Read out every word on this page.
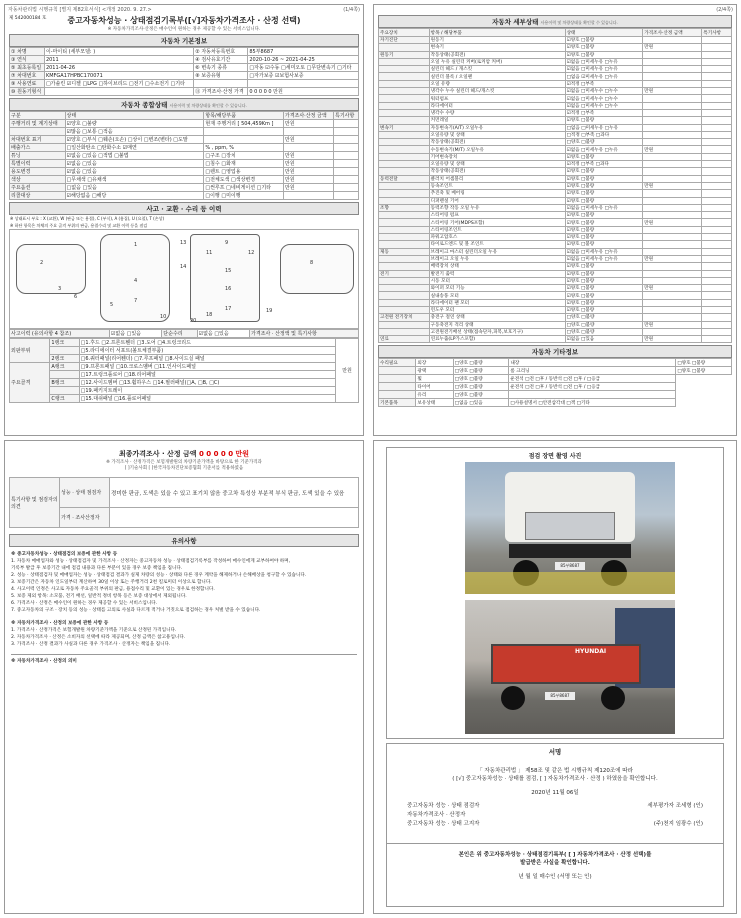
자동차관리법 시행규칙 [별지 제82호서식] <개정 2020. 9. 27.>	(1/4쪽)
제 542000184 호	중고자동차성능 · 상태점검기록부([√]자동차가격조사 · 산정 선택)
※ 자동차가격조사·산정은 매수인이 원하는 경우 제공할 수 있는 서비스입니다.
자동차 기본정보
① 차명	이-마이티 (세부모델: )	② 자동차등록번호	85부8687
③ 연식	2011	④ 검사유효기간	2020-10-26 ~ 2021-04-25
⑤ 최초등록일	2011-04-26	⑥ 변속기 종류	□자동 ☑수동 □세미오토 □무단변속기 □기타
⑦ 차대번호	KMFGA17HPBC170071	⑧ 보증유형	□자가보증 ☑보험사보증
⑨ 사용연료	□가솔린 ☑디젤 □LPG □하이브리드 □전기 □수소전기 □기타		
⑩ 원동기형식		⑪ 가격조사·산정 가격	0 0 0 0 0 만원
자동차 종합상태 사용이력 및 차량상태를 확인할 수 있습니다.
구분	상태	항목/해당부품	가격조사·산정 금액	특기사항
주행거리 및 계기상태	☑양호 □불량	현재 주행거리 [ 504,459Km ]	만원	
	☑많음 □보통 □적음			
차대번호 표기	☑양호 □부식 □훼손(오손) □상이 □변조(변타) □도말		만원	
배출가스	□일산화탄소 □탄화수소 ☑매연	% , ppm, %		
튜닝	☑없음 □있음 □적법 □불법	□구조 □장치	만원	
특별이력	☑없음 □있음	□침수 □화재	만원	
용도변경	☑없음 □있음	□렌트 □영업용	만원	
색상	□무채색 □유채색	□전체도색 □색상변경	만원	
주요옵션	□없음 □있음	□썬루프 □네비게이션 □기타	만원	
리콜대상	☑해당없음 □해당	□이행 □미이행		
사고 · 교환 · 수리 등 이력
※ 상태표시 부호 : X (교환), W (판금 또는 용접), C (부식), A (흠집), U (요철), T (손상)
※ 하단 항목은 차체의 주요 골격 부위의 판금, 용접수리 및 교환 이력 등을 점검
1
2
3
4
5
6
7
8
9
10
11	12
13
14
15
16
17
18
19
20
사고이력 (유의사항 4 참조)	☑없음 □있음	단순수리	☑없음 □있음	가격조사 · 산정액 및 특기사항
외판부위	1랭크	□1.후드 □2.프론트휀더 □3.도어 □4.트렁크리드	만원
		□5.라디에이터 서포트(볼트체결부품)	
	2랭크	□6.쿼터패널(리어휀더) □7.루프패널 □8.사이드실 패널	
주요골격	A랭크	□9.프론트패널 □10.크로스멤버 □11.인사이드패널	
		□17.트렁크플로어 □18.리어패널	
	B랭크	□12.사이드멤버 □13.휠하우스 □14.필러패널(□A, □B, □C)	
		□19.패키지트레이	
	C랭크	□15.대쉬패널 □16.플로어패널	
(2/4쪽)
자동차 세부상태 사용이력 및 차량상태를 확인할 수 있습니다.
주요장치	항목 / 해당부품	상태	가격조사·산정 금액	특기사항
자기진단	원동기	☑양호 □불량		
	변속기	☑양호 □불량	만원	
원동기	작동상태(공회전)	☑양호 □불량		
	오일 누유 실린더 커버(로커암 커버)	☑없음 □미세누유 □누유		
	실린더 헤드 / 개스킷	☑없음 □미세누유 □누유		
	실린더 블록 / 오일팬	□없음 ☑미세누유 □누유		
	오일 유량	☑적정 □부족		
	냉각수 누수 실린더 헤드/개스킷	☑없음 □미세누수 □누수	만원	
	워터펌프	☑없음 □미세누수 □누수		
	라디에이터	☑없음 □미세누수 □누수		
	냉각수 수량	☑적정 □부족		
	커먼레일	☑양호 □불량		
변속기	자동변속기(A/T) 오일누유	□없음 □미세누유 □누유		
	오일유량 및 상태	□적정 □부족 □과다		
	작동상태(공회전)	□양호 □불량		
	수동변속기(M/T) 오일누유	☑없음 □미세누유 □누유	만원	
	기어변속장치	☑양호 □불량		
	오일유량 및 상태	☑적정 □부족 □과다		
	작동상태(공회전)	☑양호 □불량		
동력전달	클러치 어셈블리	☑양호 □불량		
	등속조인트	☑양호 □불량	만원	
	추진축 및 베어링	☑양호 □불량		
	디퍼렌셜 기어	☑양호 □불량		
조향	동력조향 작동 오일 누유	☑없음 □미세누유 □누유		
	스티어링 펌프	☑양호 □불량		
	스티어링 기어(MDPS포함)	☑양호 □불량	만원	
	스티어링조인트	☑양호 □불량		
	파워고압호스	☑양호 □불량		
	타이로드엔드 및 볼 조인트	☑양호 □불량		
제동	브레이크 마스터 실린더오일 누유	☑없음 □미세누유 □누유		
	브레이크 오일 누유	☑없음 □미세누유 □누유	만원	
	배력장치 상태	☑양호 □불량		
전기	발전기 출력	☑양호 □불량		
	시동 모터	☑양호 □불량		
	와이퍼 모터 기능	☑양호 □불량	만원	
	실내송풍 모터	☑양호 □불량		
	라디에이터 팬 모터	☑양호 □불량		
	윈도우 모터	☑양호 □불량		
고전원 전기장치	충전구 절연 상태	□양호 □불량		
	구동축전지 격리 상태	□양호 □불량	만원	
	고전원전기배선 상태(접속단자,피복,보호기구)	□양호 □불량		
연료	연료누출(LP가스포함)	☑없음 □있음	만원	
자동차 기타정보
수리필요	외장	□양호 □불량	내장	□양호 □불량
	광택	□양호 □불량	룸 크리닝	□양호 □불량
	휠	□양호 □불량	운전석 □전 □후 / 동반석 □전 □후 / □응급	
	타이어	□양호 □불량	운전석 □전 □후 / 동반석 □전 □후 / □응급	
	유리	□양호 □불량		
기본품목	보유상태	□없음 □있음	□사용설명서 □안전삼각대 □잭 □기타	
최종가격조사 · 산정 금액 0 0 0 0 0 만원
※ 가격조사 · 산정가격은 보험개발원의 차량기준가액을 바탕으로 한 기준가격과
[ ]기술사회 [ ]한국자동차진단보증협회 기준서를 적용하였음
특기사항 및 점검자의 의견	성능 · 상태 점검자	경미한 판금, 도색은 있을 수 있고 표기치 않음 중고차 특성상 부분적 부식 판금, 도색 있을 수 있음
	가격 · 조사산정자	
유의사항
※ 중고자동차성능 · 상태점검의 보증에 관한 사항 등
1. 자동차 매매업자와 성능 · 상태점검자 및 가격조사 · 산정자는 중고자동차 성능 · 상태점검기록부를 작성하여 매수인에게 교부하여야 하며,
기록부 발급 후 보증기간 내에 점검 내용과 다른 부분이 있을 경우 보증 책임을 집니다.
2. 성능 · 상태점검자 및 매매업자는 성능 · 상태점검 결과가 실제 차량의 성능 · 상태와 다른 경우 계약을 해제하거나 손해배상을 청구할 수 있습니다.
3. 보증기간은 자동차 인도일부터 계산하여 30일 이상 또는 주행거리 2천 킬로미터 이상으로 합니다.
4. 사고이력 인정은 사고로 자동차 주요골격 부위의 판금, 용접수리 및 교환이 있는 경우로 한정합니다.
5. 보증 제외 항목: 소모품, 전기 배선, 일반적 정비 항목 등은 보증 대상에서 제외됩니다.
6. 가격조사 · 산정은 매수인이 원하는 경우 제공할 수 있는 서비스입니다.
7. 중고자동차의 구조 · 장치 등의 성능 · 상태를 고의로 사실과 다르게 적거나 거짓으로 점검하는 경우 처벌 받을 수 있습니다.
※ 자동차가격조사 · 산정의 보증에 관한 사항 등
1. 가격조사 · 산정가격은 보험개발원 차량기준가액을 기준으로 산정된 가격입니다.
2. 자동차가격조사 · 산정은 소비자의 선택에 따라 제공되며, 산정 금액은 참고용입니다.
3. 가격조사 · 산정 결과가 사실과 다른 경우 가격조사 · 산정자는 책임을 집니다.
※ 자동차가격조사 · 산정의 의미
점검 장면 촬영 사진
85부8687
HYUNDAI
85부8687
서명
「 자동차관리법 」 제58조 및 같은 법 시행규칙 제120조에 따라
( [√] 중고자동차성능 · 상태를 점검, [ ] 자동차가격조사 · 산정 ) 하였음을 확인합니다.
2020년 11월 06일
중고자동차 성능 · 상태 점검자	세부평가자 조세형 (인)
자동차가격조사 · 산정자
중고자동차 성능 · 상태 고지자	(주)천지 임광수 (인)
본인은 위 중고자동차성능 · 상태점검기록부( [ ] 자동차가격조사 · 산정 선택)를
발급받은 사실을 확인합니다.
년 월 일 매수인 (서명 또는 인)
